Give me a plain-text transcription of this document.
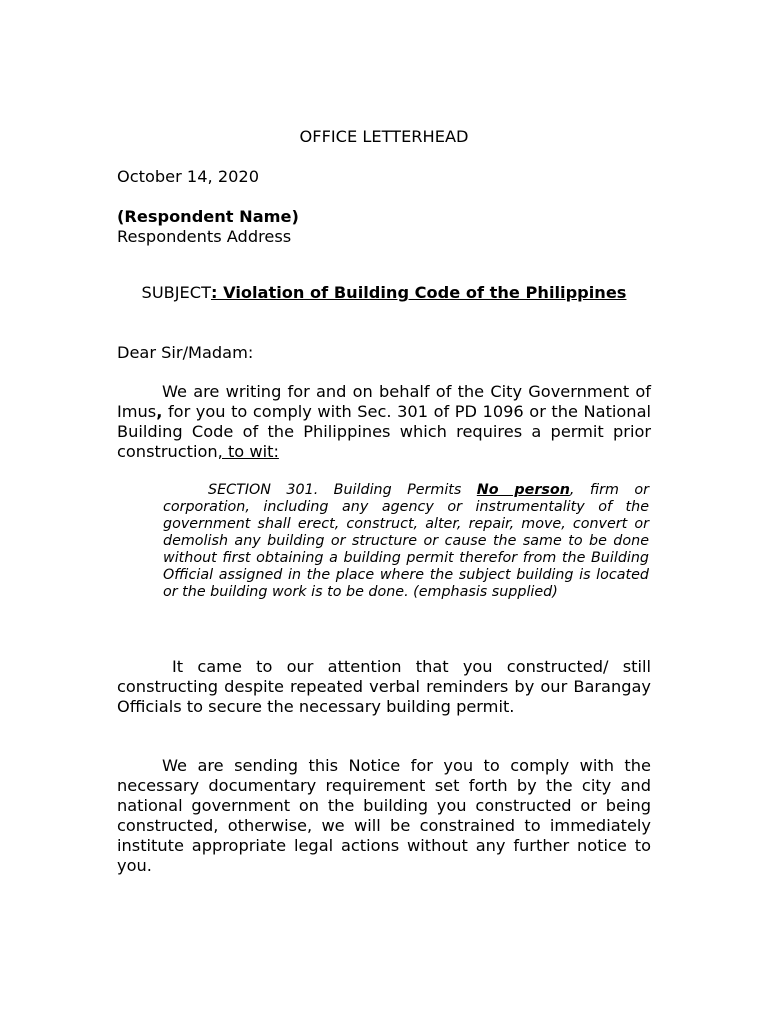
OFFICE LETTERHEAD
October 14, 2020
(Respondent Name)
Respondents Address
SUBJECT: Violation of Building Code of the Philippines
Dear Sir/Madam:
We are writing for and on behalf of the City Government of Imus, for you to comply with Sec. 301 of PD 1096 or the National Building Code of the Philippines which requires a permit prior construction, to wit:
SECTION 301. Building Permits No person, firm or corporation, including any agency or instrumentality of the government shall erect, construct, alter, repair, move, convert or demolish any building or structure or cause the same to be done without first obtaining a building permit therefor from the Building Official assigned in the place where the subject building is located or the building work is to be done. (emphasis supplied)
It came to our attention that you constructed/ still constructing despite repeated verbal reminders by our Barangay Officials to secure the necessary building permit.
We are sending this Notice for you to comply with the necessary documentary requirement set forth by the city and national government on the building you constructed or being constructed, otherwise, we will be constrained to immediately institute appropriate legal actions without any further notice to you.
